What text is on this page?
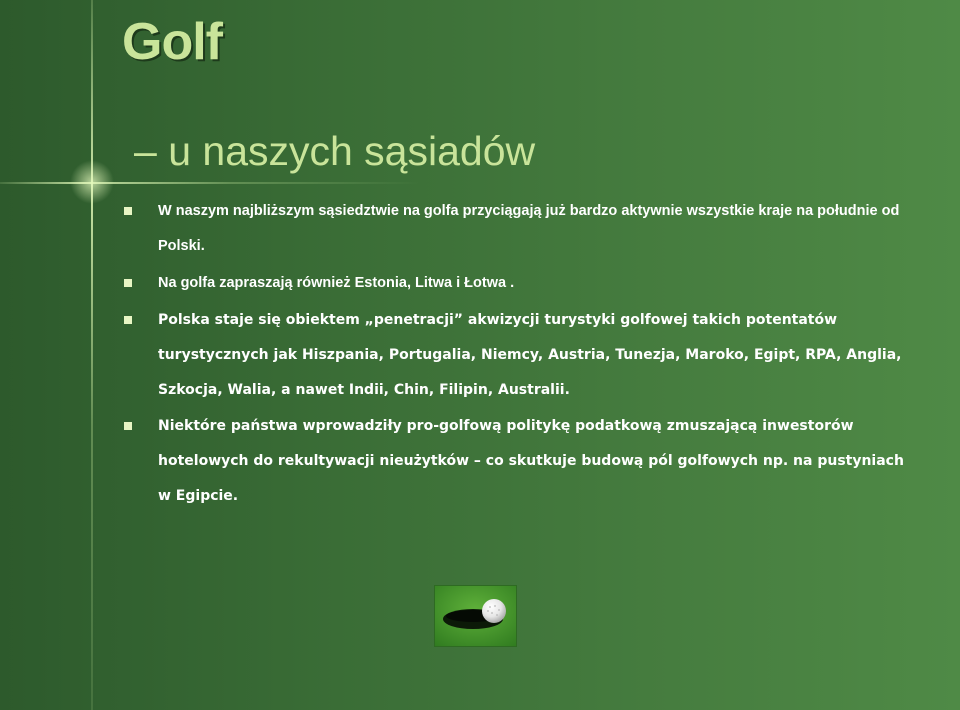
Golf
– u naszych sąsiadów
W naszym najbliższym sąsiedztwie na golfa przyciągają już bardzo aktywnie wszystkie kraje na południe od Polski.
Na golfa zapraszają również Estonia, Litwa i Łotwa .
Polska staje się obiektem „penetracji” akwizycji turystyki golfowej takich potentatów turystycznych jak Hiszpania, Portugalia, Niemcy, Austria, Tunezja, Maroko, Egipt, RPA, Anglia, Szkocja, Walia, a nawet Indii, Chin, Filipin, Australii.
Niektóre państwa wprowadziły pro-golfową politykę podatkową zmuszającą inwestorów hotelowych do rekultywacji nieużytków – co skutkuje budową pól golfowych np. na pustyniach w Egipcie.
